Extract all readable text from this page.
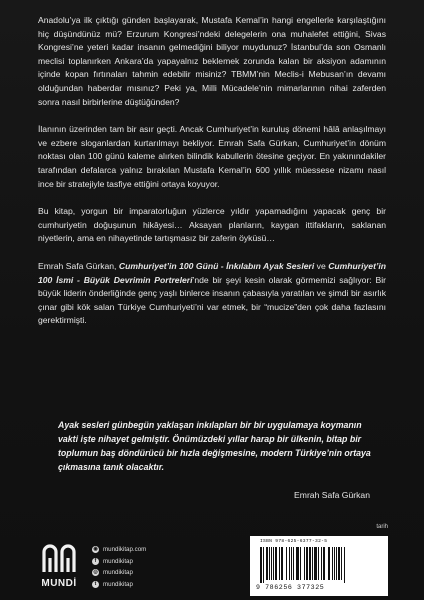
Anadolu’ya ilk çıktığı günden başlayarak, Mustafa Kemal’in hangi engellerle karşılaştığını hiç düşündünüz mü? Erzurum Kongresi’ndeki delegelerin ona muhalefet ettiğini, Sivas Kongresi’ne yeteri kadar insanın gelmediğini biliyor muydunuz? İstanbul’da son Osmanlı meclisi toplanırken Ankara’da yapayalnız beklemek zorunda kalan bir aksiyon adamının içinde kopan fırtınaları tahmin edebilir misiniz? TBMM’nin Meclis-i Mebusan’ın devamı olduğundan haberdar mısınız? Peki ya, Milli Mücadele’nin mimarlarının nihai zaferden sonra nasıl birbirlerine düştüğünden?

İlanının üzerinden tam bir asır geçti. Ancak Cumhuriyet’in kuruluş dönemi hâlâ anlaşılmayı ve ezbere sloganlardan kurtarılmayı bekliyor. Emrah Safa Gürkan, Cumhuriyet’in dönüm noktası olan 100 günü kaleme alırken bilindik kabullerin ötesine geçiyor. En yakınındakiler tarafından defalarca yalnız bırakılan Mustafa Kemal’in 600 yıllık müessese nizamı nasıl ince bir stratejiyle tasfiye ettiğini ortaya koyuyor.

Bu kitap, yorgun bir imparatorluğun yüzlerce yıldır yapamadığını yapacak genç bir cumhuriyetin doğuşunun hikâyesi… Aksayan planların, kaygan ittifakların, saklanan niyetlerin, ama en nihayetinde tartışmasız bir zaferin öyküsü…

Emrah Safa Gürkan, Cumhuriyet’in 100 Günü - İnkılabın Ayak Sesleri ve Cumhuriyet’in 100 İsmi - Büyük Devrimin Portreleri’nde bir şeyi kesin olarak görmemizi sağlıyor: Bir büyük liderin önderliğinde genç yaşlı binlerce insanın çabasıyla yaratılan ve şimdi bir asırlık çınar gibi kök salan Türkiye Cumhuriyeti’ni var etmek, bir “mucize”den çok daha fazlasını gerektirmişti.

Ayak sesleri günbegün yaklaşan inkılapları bir bir uygulamaya koymanın vakti işte nihayet gelmiştir. Önümüzdeki yıllar harap bir ülkenin, bitap bir toplumun baş döndürücü bir hızla değişmesine, modern Türkiye’nin ortaya çıkmasına tanık olacaktır.
Emrah Safa Gürkan
MUNDİ
◉ mundikitap.com
f	mundikitap
◎ mundikitap
t	mundikitap
tarih
ISBN 978-625-6377-32-5
9 786256 377325
